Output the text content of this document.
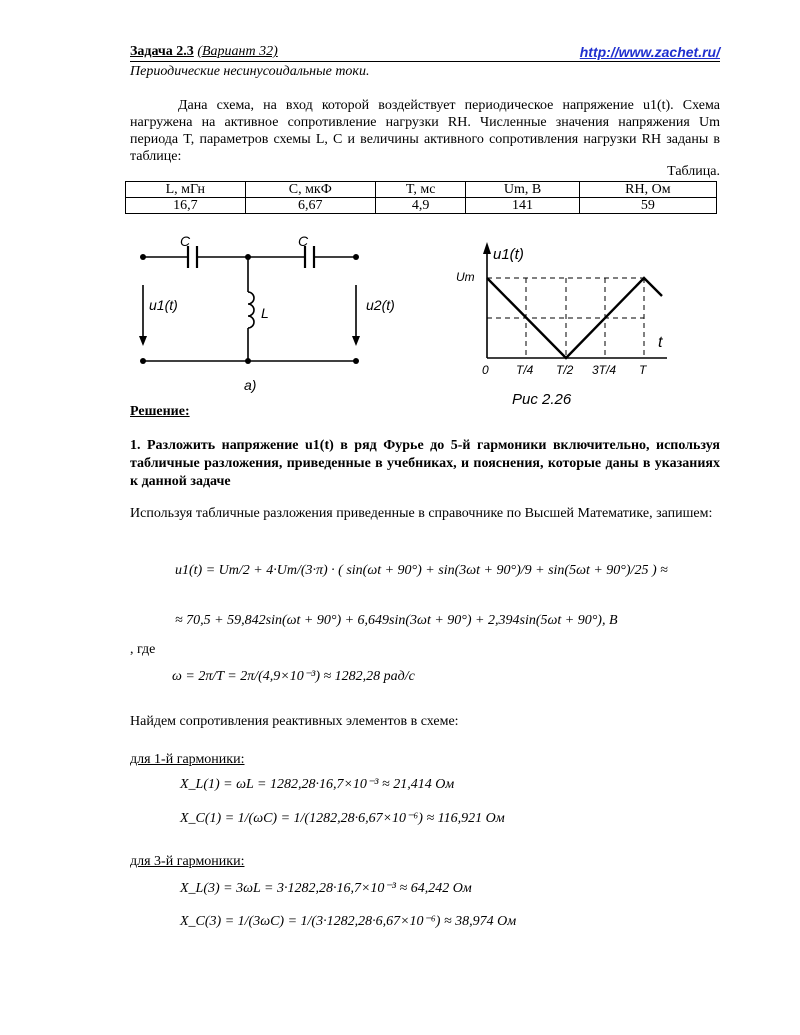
Задача 2.3 (Вариант 32)	http://www.zachet.ru/
Периодические несинусоидальные токи.
Дана схема, на вход которой воздействует периодическое напряжение u1(t). Схема нагружена на активное сопротивление нагрузки RH. Численные значения напряжения Um периода T, параметров схемы L, C и величины активного сопротивления нагрузки RH заданы в таблице:
Таблица.
L, мГн	C, мкФ	T, мс	Um, В	RH, Ом
16,7	6,67	4,9	141	59
C	C
L
u1(t)	u2(t)
а)
u1(t)
Um
t
0 T/4 T/2 3T/4 T
Рис 2.26
Решение:
1. Разложить напряжение u1(t) в ряд Фурье до 5-й гармоники включительно, используя табличные разложения, приведенные в учебниках, и пояснения, которые даны в указаниях к данной задаче
Используя табличные разложения приведенные в справочнике по Высшей Математике, запишем:
u1(t) = Um/2 + 4·Um/(3·π) · ( sin(ωt + 90°) + sin(3ωt + 90°)/9 + sin(5ωt + 90°)/25 ) ≈
≈ 70,5 + 59,842sin(ωt + 90°) + 6,649sin(3ωt + 90°) + 2,394sin(5ωt + 90°), В
, где
ω = 2π/T = 2π/(4,9×10⁻³) ≈ 1282,28 рад/с
Найдем сопротивления реактивных элементов в схеме:
для 1-й гармоники:
X_L(1) = ωL = 1282,28·16,7×10⁻³ ≈ 21,414 Ом
X_C(1) = 1/(ωC) = 1/(1282,28·6,67×10⁻⁶) ≈ 116,921 Ом
для 3-й гармоники:
X_L(3) = 3ωL = 3·1282,28·16,7×10⁻³ ≈ 64,242 Ом
X_C(3) = 1/(3ωC) = 1/(3·1282,28·6,67×10⁻⁶) ≈ 38,974 Ом
